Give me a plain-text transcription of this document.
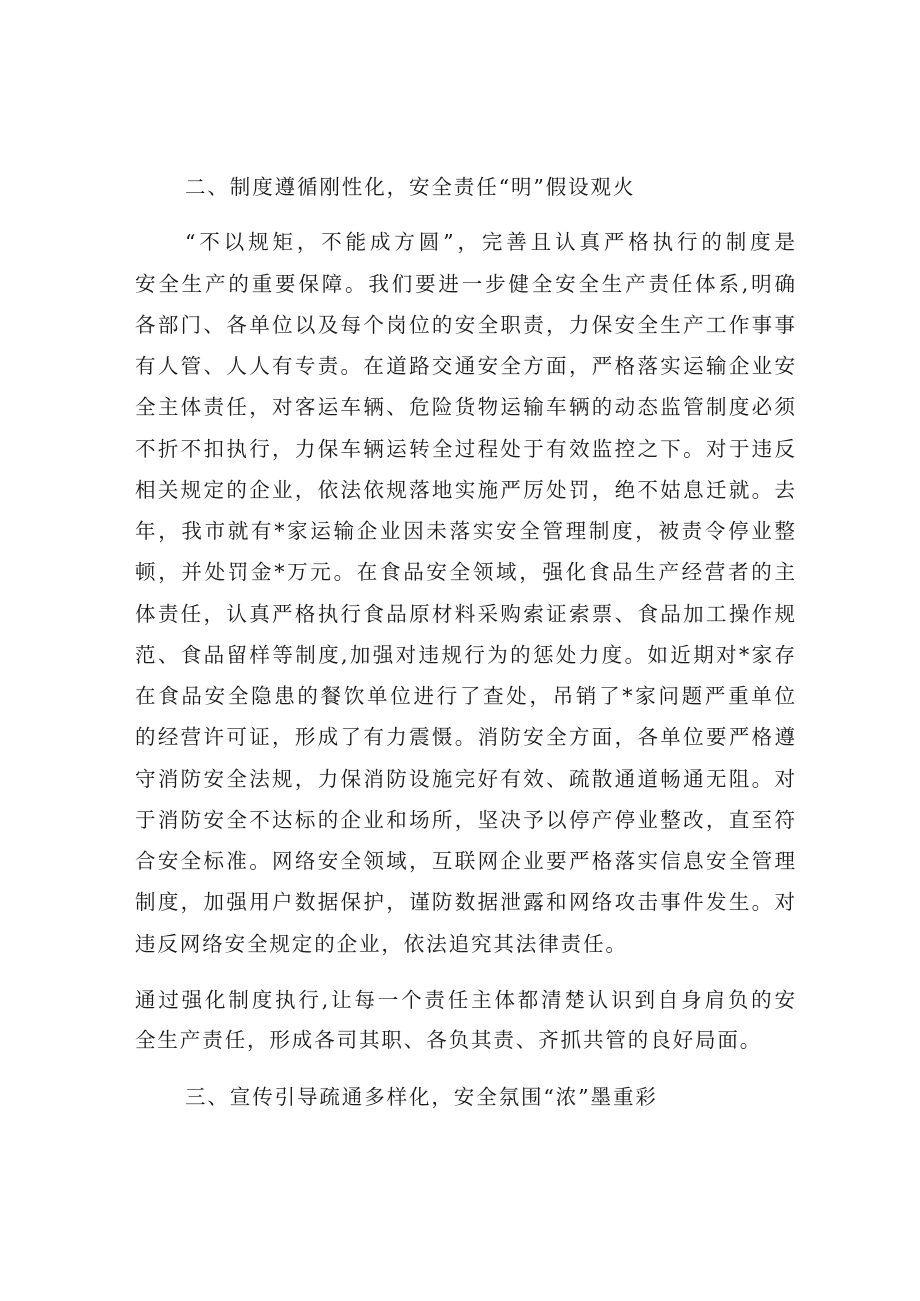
二、制度遵循刚性化，安全责任“明”假设观火
“不以规矩，不能成方圆”，完善且认真严格执行的制度是
安全生产的重要保障。我们要进一步健全安全生产责任体系,明确
各部门、各单位以及每个岗位的安全职责，力保安全生产工作事事
有人管、人人有专责。在道路交通安全方面，严格落实运输企业安
全主体责任，对客运车辆、危险货物运输车辆的动态监管制度必须
不折不扣执行，力保车辆运转全过程处于有效监控之下。对于违反
相关规定的企业，依法依规落地实施严厉处罚，绝不姑息迁就。去
年，我市就有*家运输企业因未落实安全管理制度，被责令停业整
顿，并处罚金*万元。在食品安全领域，强化食品生产经营者的主
体责任，认真严格执行食品原材料采购索证索票、食品加工操作规
范、食品留样等制度,加强对违规行为的惩处力度。如近期对*家存
在食品安全隐患的餐饮单位进行了查处，吊销了*家问题严重单位
的经营许可证，形成了有力震慑。消防安全方面，各单位要严格遵
守消防安全法规，力保消防设施完好有效、疏散通道畅通无阻。对
于消防安全不达标的企业和场所，坚决予以停产停业整改，直至符
合安全标准。网络安全领域，互联网企业要严格落实信息安全管理
制度，加强用户数据保护，谨防数据泄露和网络攻击事件发生。对
违反网络安全规定的企业，依法追究其法律责任。
通过强化制度执行,让每一个责任主体都清楚认识到自身肩负的安
全生产责任，形成各司其职、各负其责、齐抓共管的良好局面。
三、宣传引导疏通多样化，安全氛围“浓”墨重彩
